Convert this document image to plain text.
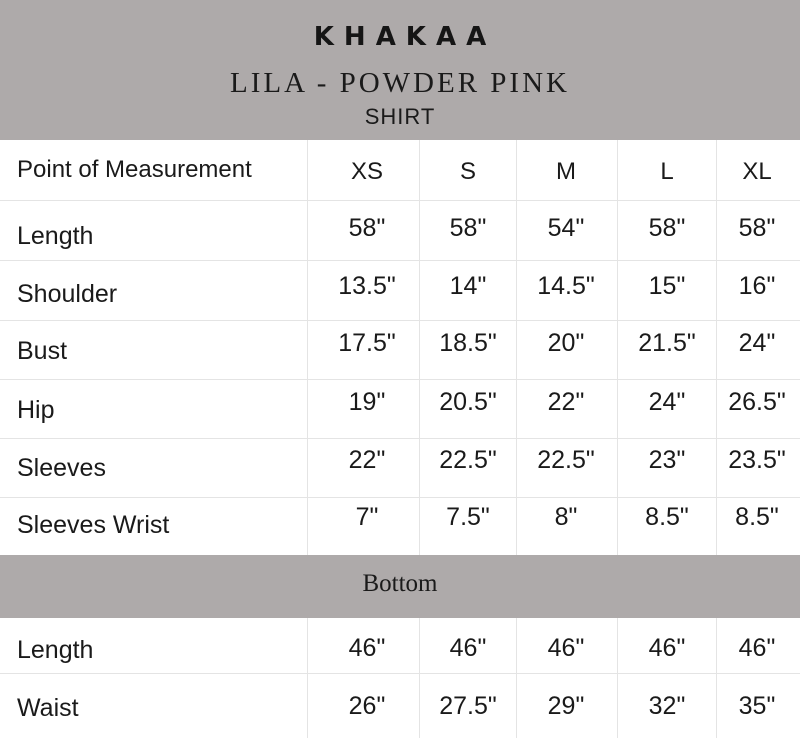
KHAKAA
LILA - POWDER PINK
SHIRT
Bottom
Point of Measurement	XS	S	M	L	XL
Length	58"	58"	54"	58"	58"
Shoulder	13.5"	14"	14.5"	15"	16"
Bust	17.5"	18.5"	20"	21.5"	24"
Hip	19"	20.5"	22"	24"	26.5"
Sleeves	22"	22.5"	22.5"	23"	23.5"
Sleeves Wrist	7"	7.5"	8"	8.5"	8.5"
Length	46"	46"	46"	46"	46"
Waist	26"	27.5"	29"	32"	35"
